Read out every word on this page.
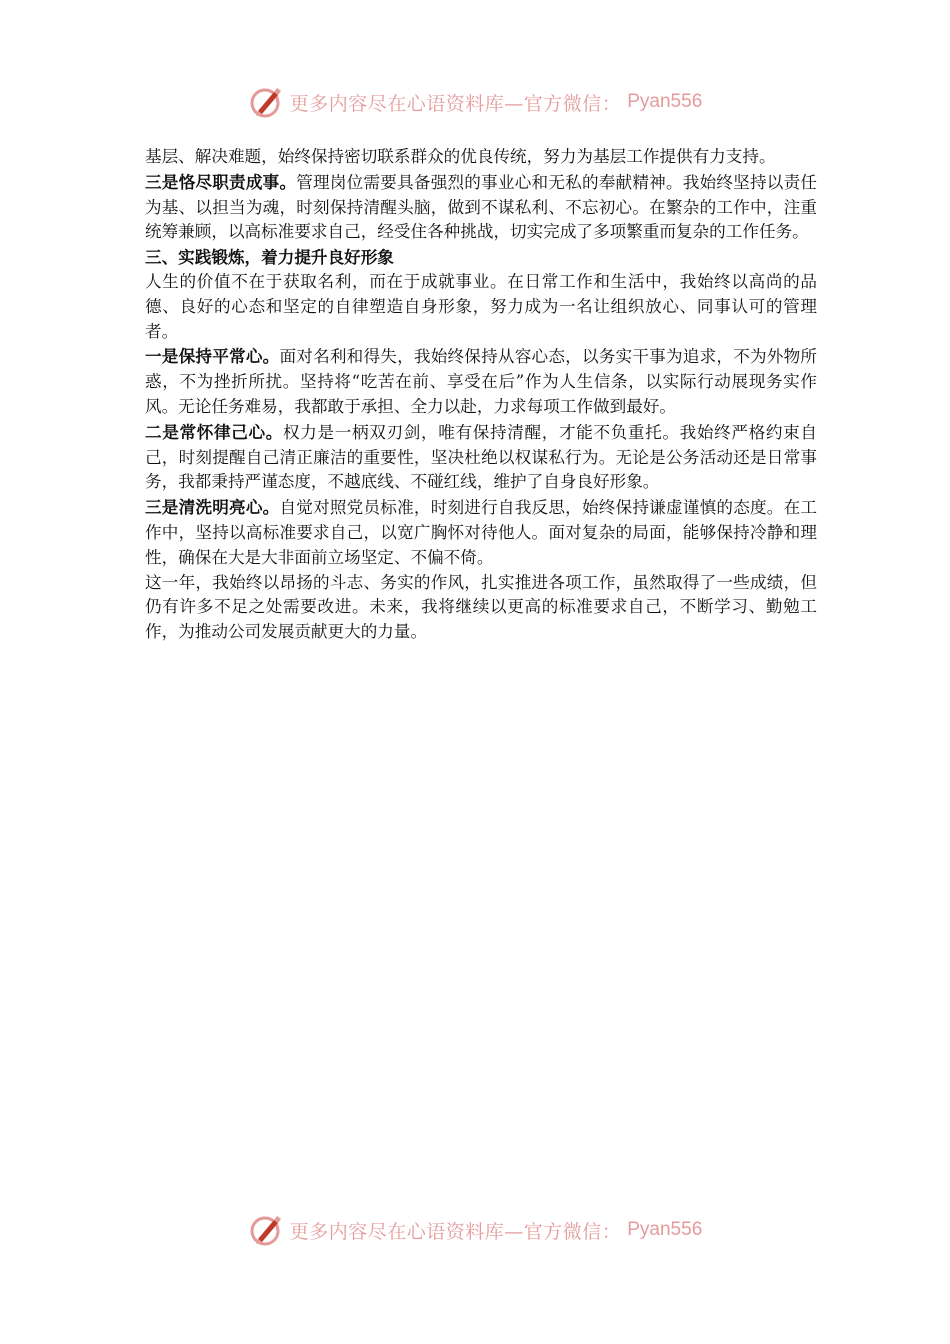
更多内容尽在心语资料库—官方微信： Pyan556

基层、解决难题，始终保持密切联系群众的优良传统，努力为基层工作提供有力支持。

三是恪尽职责成事。管理岗位需要具备强烈的事业心和无私的奉献精神。我始终坚持以责任为基、以担当为魂，时刻保持清醒头脑，做到不谋私利、不忘初心。在繁杂的工作中，注重统筹兼顾，以高标准要求自己，经受住各种挑战，切实完成了多项繁重而复杂的工作任务。

三、实践锻炼，着力提升良好形象

人生的价值不在于获取名利，而在于成就事业。在日常工作和生活中，我始终以高尚的品德、良好的心态和坚定的自律塑造自身形象，努力成为一名让组织放心、同事认可的管理者。

一是保持平常心。面对名利和得失，我始终保持从容心态，以务实干事为追求，不为外物所惑，不为挫折所扰。坚持将“吃苦在前、享受在后”作为人生信条，以实际行动展现务实作风。无论任务难易，我都敢于承担、全力以赴，力求每项工作做到最好。

二是常怀律己心。权力是一柄双刃剑，唯有保持清醒，才能不负重托。我始终严格约束自己，时刻提醒自己清正廉洁的重要性，坚决杜绝以权谋私行为。无论是公务活动还是日常事务，我都秉持严谨态度，不越底线、不碰红线，维护了自身良好形象。

三是清洗明亮心。自觉对照党员标准，时刻进行自我反思，始终保持谦虚谨慎的态度。在工作中，坚持以高标准要求自己，以宽广胸怀对待他人。面对复杂的局面，能够保持冷静和理性，确保在大是大非面前立场坚定、不偏不倚。

这一年，我始终以昂扬的斗志、务实的作风，扎实推进各项工作，虽然取得了一些成绩，但仍有许多不足之处需要改进。未来，我将继续以更高的标准要求自己，不断学习、勤勉工作，为推动公司发展贡献更大的力量。

更多内容尽在心语资料库—官方微信： Pyan556
